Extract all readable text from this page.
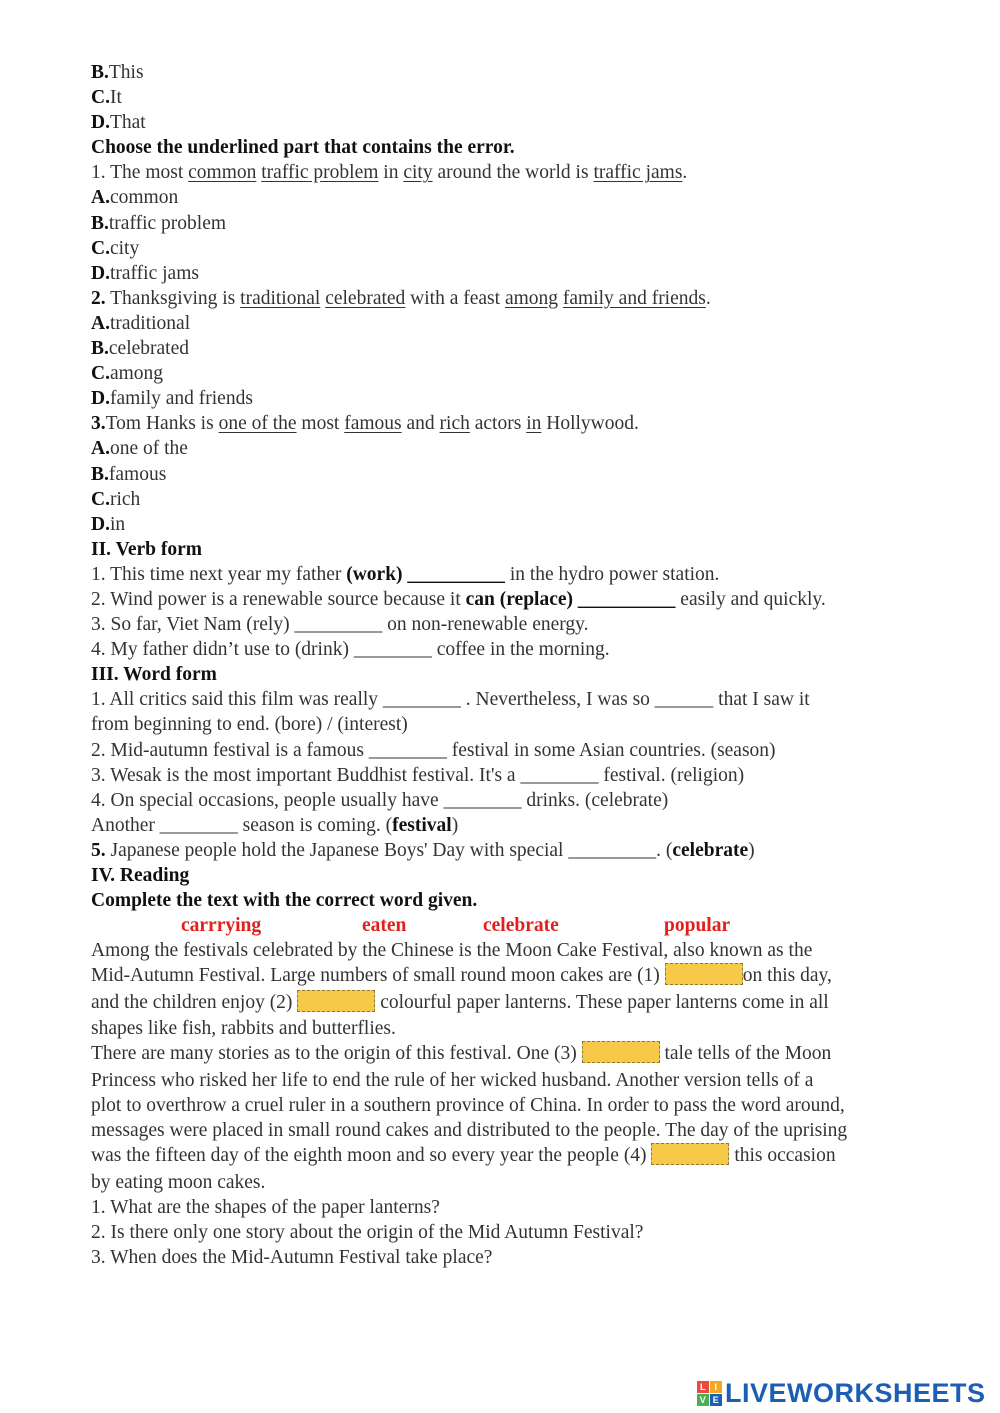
B.This
C.It
D.That
Choose the underlined part that contains the error.
1. The most common traffic problem in city around the world is traffic jams.
A.common
B.traffic problem
C.city
D.traffic jams
2. Thanksgiving is traditional celebrated with a feast among family and friends.
A.traditional
B.celebrated
C.among
D.family and friends
3.Tom Hanks is one of the most famous and rich actors in Hollywood.
A.one of the
B.famous
C.rich
D.in
II. Verb form
1. This time next year my father (work) __________ in the hydro power station.
2. Wind power is a renewable source because it can (replace) __________ easily and quickly.
3. So far, Viet Nam (rely) _________ on non-renewable energy.
4. My father didn’t use to (drink) ________ coffee in the morning.
III. Word form
1. All critics said this film was really ________ . Nevertheless, I was so ______ that I saw it
from beginning to end. (bore) / (interest)
2. Mid-autumn festival is a famous ________ festival in some Asian countries. (season)
3. Wesak is the most important Buddhist festival. It's a ________ festival. (religion)
4. On special occasions, people usually have ________ drinks. (celebrate)
Another ________ season is coming. (festival)
5. Japanese people hold the Japanese Boys' Day with special _________. (celebrate)
IV. Reading
Complete the text with the correct word given.
carrrying	eaten	celebrate	popular
Among the festivals celebrated by the Chinese is the Moon Cake Festival, also known as the
Mid-Autumn Festival. Large numbers of small round moon cakes are (1)	on this day,
and the children enjoy (2)	colourful paper lanterns. These paper lanterns come in all
shapes like fish, rabbits and butterflies.
There are many stories as to the origin of this festival. One (3)	tale tells of the Moon
Princess who risked her life to end the rule of her wicked husband. Another version tells of a
plot to overthrow a cruel ruler in a southern province of China. In order to pass the word around,
messages were placed in small round cakes and distributed to the people. The day of the uprising
was the fifteen day of the eighth moon and so every year the people (4)	this occasion
by eating moon cakes.
1. What are the shapes of the paper lanterns?
2. Is there only one story about the origin of the Mid Autumn Festival?
3. When does the Mid-Autumn Festival take place?
L I
V E LIVEWORKSHEETS
